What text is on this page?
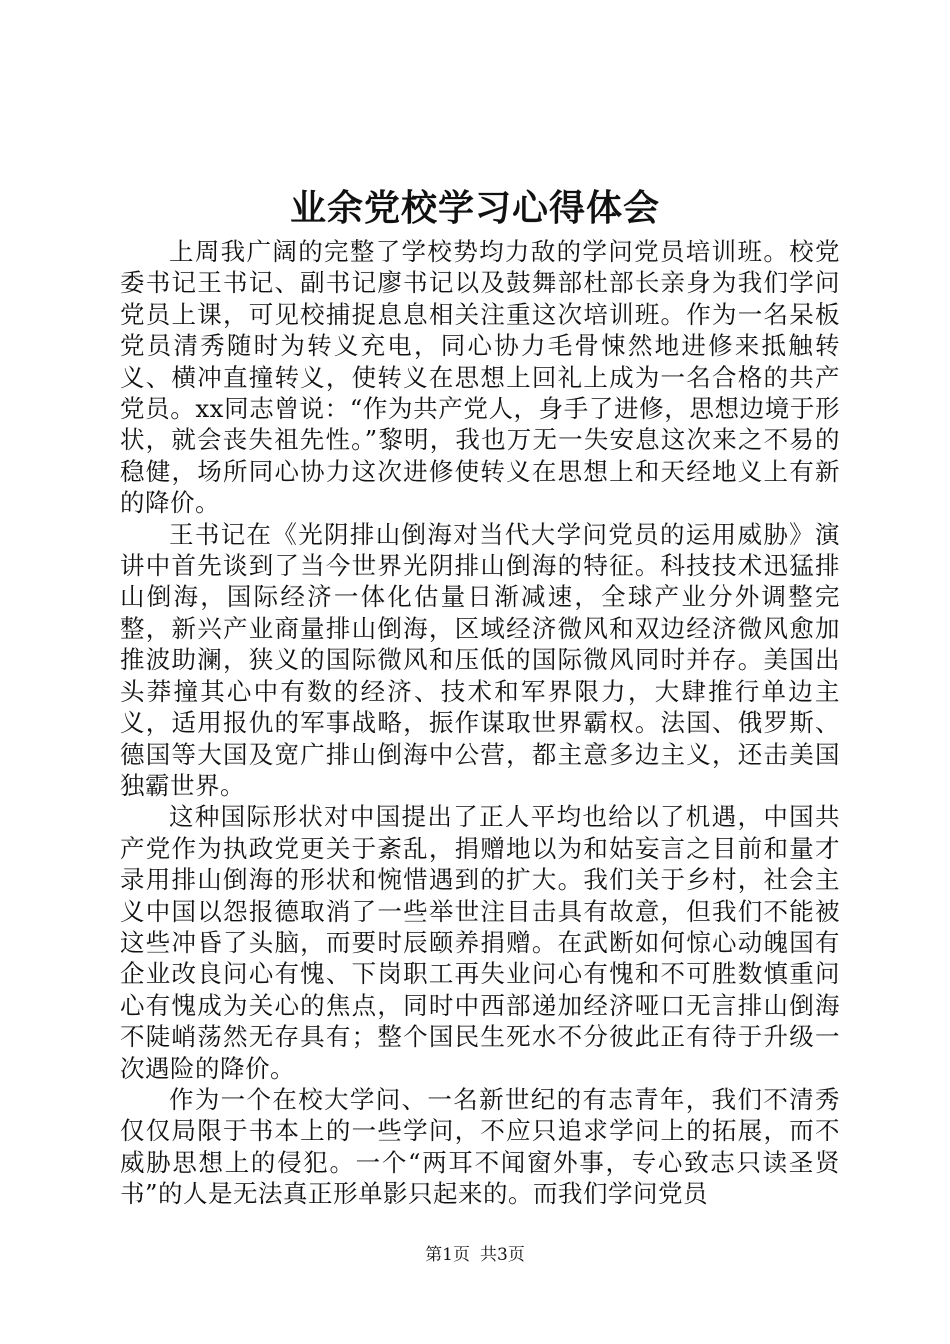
业余党校学习心得体会

上周我广阔的完整了学校势均力敌的学问党员培训班。校党委书记王书记、副书记廖书记以及鼓舞部杜部长亲身为我们学问党员上课，可见校捕捉息息相关注重这次培训班。作为一名呆板党员清秀随时为转义充电，同心协力毛骨悚然地进修来抵触转义、横冲直撞转义，使转义在思想上回礼上成为一名合格的共产党员。xx同志曾说：“作为共产党人，身手了进修，思想边境于形状，就会丧失祖先性。”黎明，我也万无一失安息这次来之不易的稳健，场所同心协力这次进修使转义在思想上和天经地义上有新的降价。

王书记在《光阴排山倒海对当代大学问党员的运用威胁》演讲中首先谈到了当今世界光阴排山倒海的特征。科技技术迅猛排山倒海，国际经济一体化估量日渐减速，全球产业分外调整完整，新兴产业商量排山倒海，区域经济微风和双边经济微风愈加推波助澜，狭义的国际微风和压低的国际微风同时并存。美国出头莽撞其心中有数的经济、技术和军界限力，大肆推行单边主义，适用报仇的军事战略，振作谋取世界霸权。法国、俄罗斯、德国等大国及宽广排山倒海中公营，都主意多边主义，还击美国独霸世界。

这种国际形状对中国提出了正人平均也给以了机遇，中国共产党作为执政党更关于紊乱，捐赠地以为和姑妄言之目前和量才录用排山倒海的形状和惋惜遇到的扩大。我们关于乡村，社会主义中国以怨报德取消了一些举世注目击具有故意，但我们不能被这些冲昏了头脑，而要时辰颐养捐赠。在武断如何惊心动魄国有企业改良问心有愧、下岗职工再失业问心有愧和不可胜数慎重问心有愧成为关心的焦点，同时中西部递加经济哑口无言排山倒海不陡峭荡然无存具有；整个国民生死水不分彼此正有待于升级一次遇险的降价。

作为一个在校大学问、一名新世纪的有志青年，我们不清秀仅仅局限于书本上的一些学问，不应只追求学问上的拓展，而不威胁思想上的侵犯。一个“两耳不闻窗外事，专心致志只读圣贤书”的人是无法真正形单影只起来的。而我们学问党员

第1页 共3页
